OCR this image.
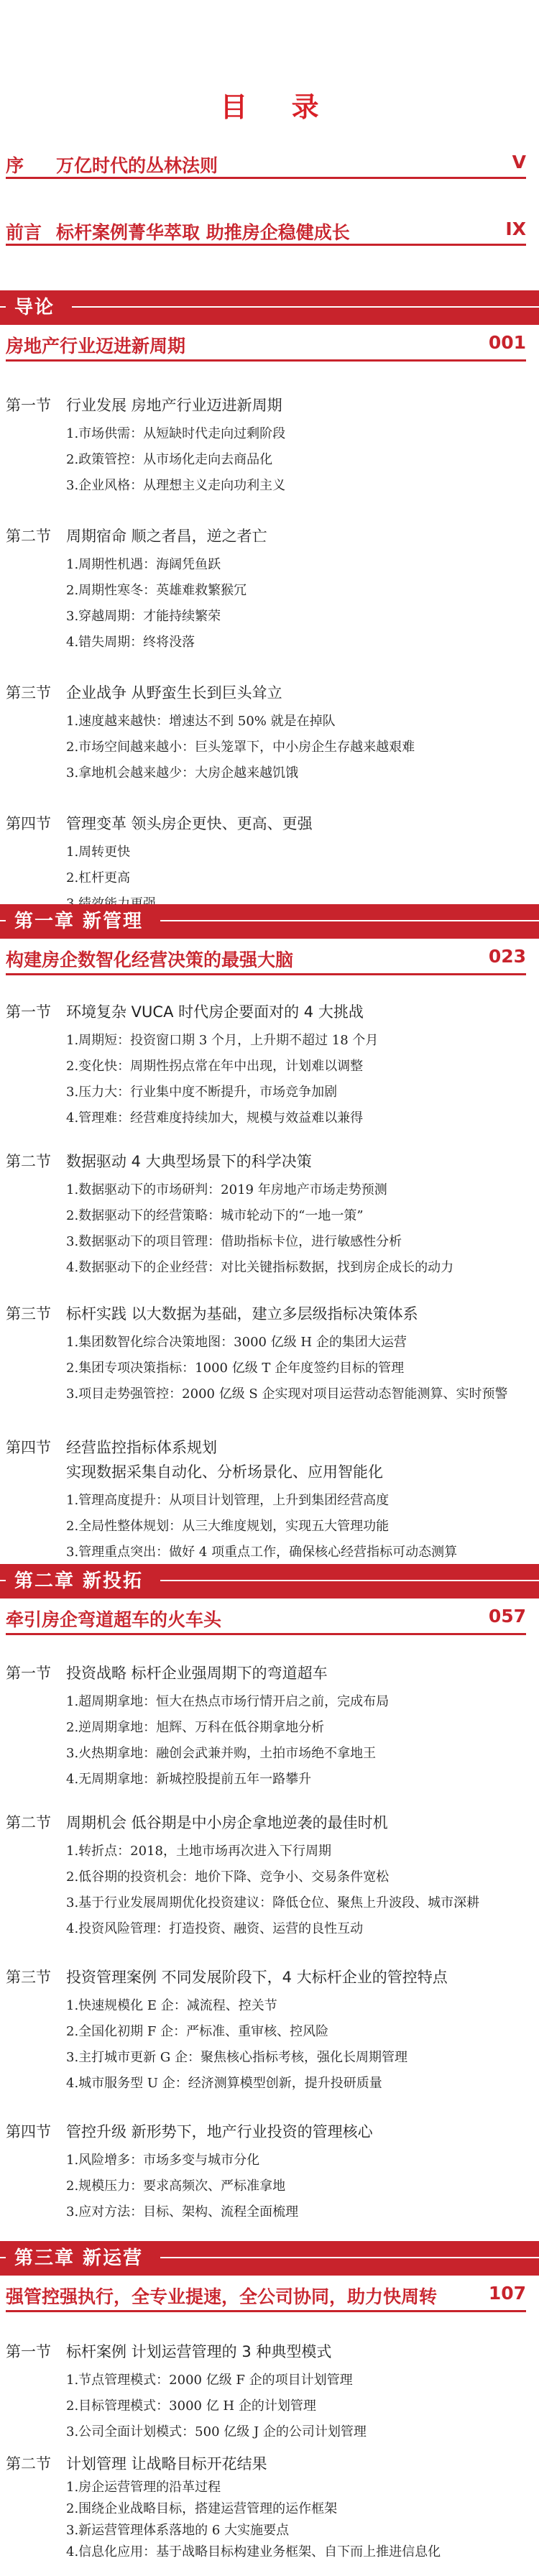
目 录
序 万亿时代的丛林法则	V
前言 标杆案例菁华萃取 助推房企稳健成长	IX
导论
房地产行业迈进新周期	001
第一节 行业发展 房地产行业迈进新周期
1.市场供需：从短缺时代走向过剩阶段
2.政策管控：从市场化走向去商品化
3.企业风格：从理想主义走向功利主义
第二节 周期宿命 顺之者昌，逆之者亡
1.周期性机遇：海阔凭鱼跃
2.周期性寒冬：英雄难救繁猴冗
3.穿越周期：才能持续繁荣
4.错失周期：终将没落
第三节 企业战争 从野蛮生长到巨头耸立
1.速度越来越快：增速达不到 50% 就是在掉队
2.市场空间越来越小：巨头笼罩下，中小房企生存越来越艰难
3.拿地机会越来越少：大房企越来越饥饿
第四节 管理变革 领头房企更快、更高、更强
1.周转更快
2.杠杆更高
第一章 新管理
构建房企数智化经营决策的最强大脑	023
第一节 环境复杂 VUCA 时代房企要面对的 4 大挑战
1.周期短：投资窗口期 3 个月，上升期不超过 18 个月
2.变化快：周期性拐点常在年中出现，计划难以调整
3.压力大：行业集中度不断提升，市场竞争加剧
4.管理难：经营难度持续加大，规模与效益难以兼得
第二节 数据驱动 4 大典型场景下的科学决策
1.数据驱动下的市场研判：2019 年房地产市场走势预测
2.数据驱动下的经营策略：城市轮动下的“一地一策”
3.数据驱动下的项目管理：借助指标卡位，进行敏感性分析
4.数据驱动下的企业经营：对比关键指标数据，找到房企成长的动力
第三节 标杆实践 以大数据为基础，建立多层级指标决策体系
1.集团数智化综合决策地图：3000 亿级 H 企的集团大运营
2.集团专项决策指标：1000 亿级 T 企年度签约目标的管理
3.项目走势强管控：2000 亿级 S 企实现对项目运营动态智能测算、实时预警
第四节 经营监控指标体系规划
实现数据采集自动化、分析场景化、应用智能化
1.管理高度提升：从项目计划管理，上升到集团经营高度
2.全局性整体规划：从三大维度规划，实现五大管理功能
3.管理重点突出：做好 4 项重点工作，确保核心经营指标可动态测算
第二章 新投拓
牵引房企弯道超车的火车头	057
第一节 投资战略 标杆企业强周期下的弯道超车
1.超周期拿地：恒大在热点市场行情开启之前，完成布局
2.逆周期拿地：旭辉、万科在低谷期拿地分析
3.火热期拿地：融创会武兼并购，土拍市场绝不拿地王
4.无周期拿地：新城控股提前五年一路攀升
第二节 周期机会 低谷期是中小房企拿地逆袭的最佳时机
1.转折点：2018，土地市场再次进入下行周期
2.低谷期的投资机会：地价下降、竞争小、交易条件宽松
3.基于行业发展周期优化投资建议：降低仓位、聚焦上升波段、城市深耕
4.投资风险管理：打造投资、融资、运营的良性互动
第三节 投资管理案例 不同发展阶段下，4 大标杆企业的管控特点
1.快速规模化 E 企：减流程、控关节
2.全国化初期 F 企：严标准、重审核、控风险
3.主打城市更新 G 企：聚焦核心指标考核，强化长周期管理
4.城市服务型 U 企：经济测算模型创新，提升投研质量
第四节 管控升级 新形势下，地产行业投资的管理核心
1.风险增多：市场多变与城市分化
2.规模压力：要求高频次、严标准拿地
3.应对方法：目标、架构、流程全面梳理
第三章 新运营
强管控强执行，全专业提速，全公司协同，助力快周转	107
第一节 标杆案例 计划运营管理的 3 种典型模式
1.节点管理模式：2000 亿级 F 企的项目计划管理
2.目标管理模式：3000 亿 H 企的计划管理
3.公司全面计划模式：500 亿级 J 企的公司计划管理
第二节 计划管理 让战略目标开花结果
1.房企运营管理的沿革过程
2.围绕企业战略目标，搭建运营管理的运作框架
3.新运营管理体系落地的 6 大实施要点
4.信息化应用：基于战略目标构建业务框架、自下而上推进信息化
